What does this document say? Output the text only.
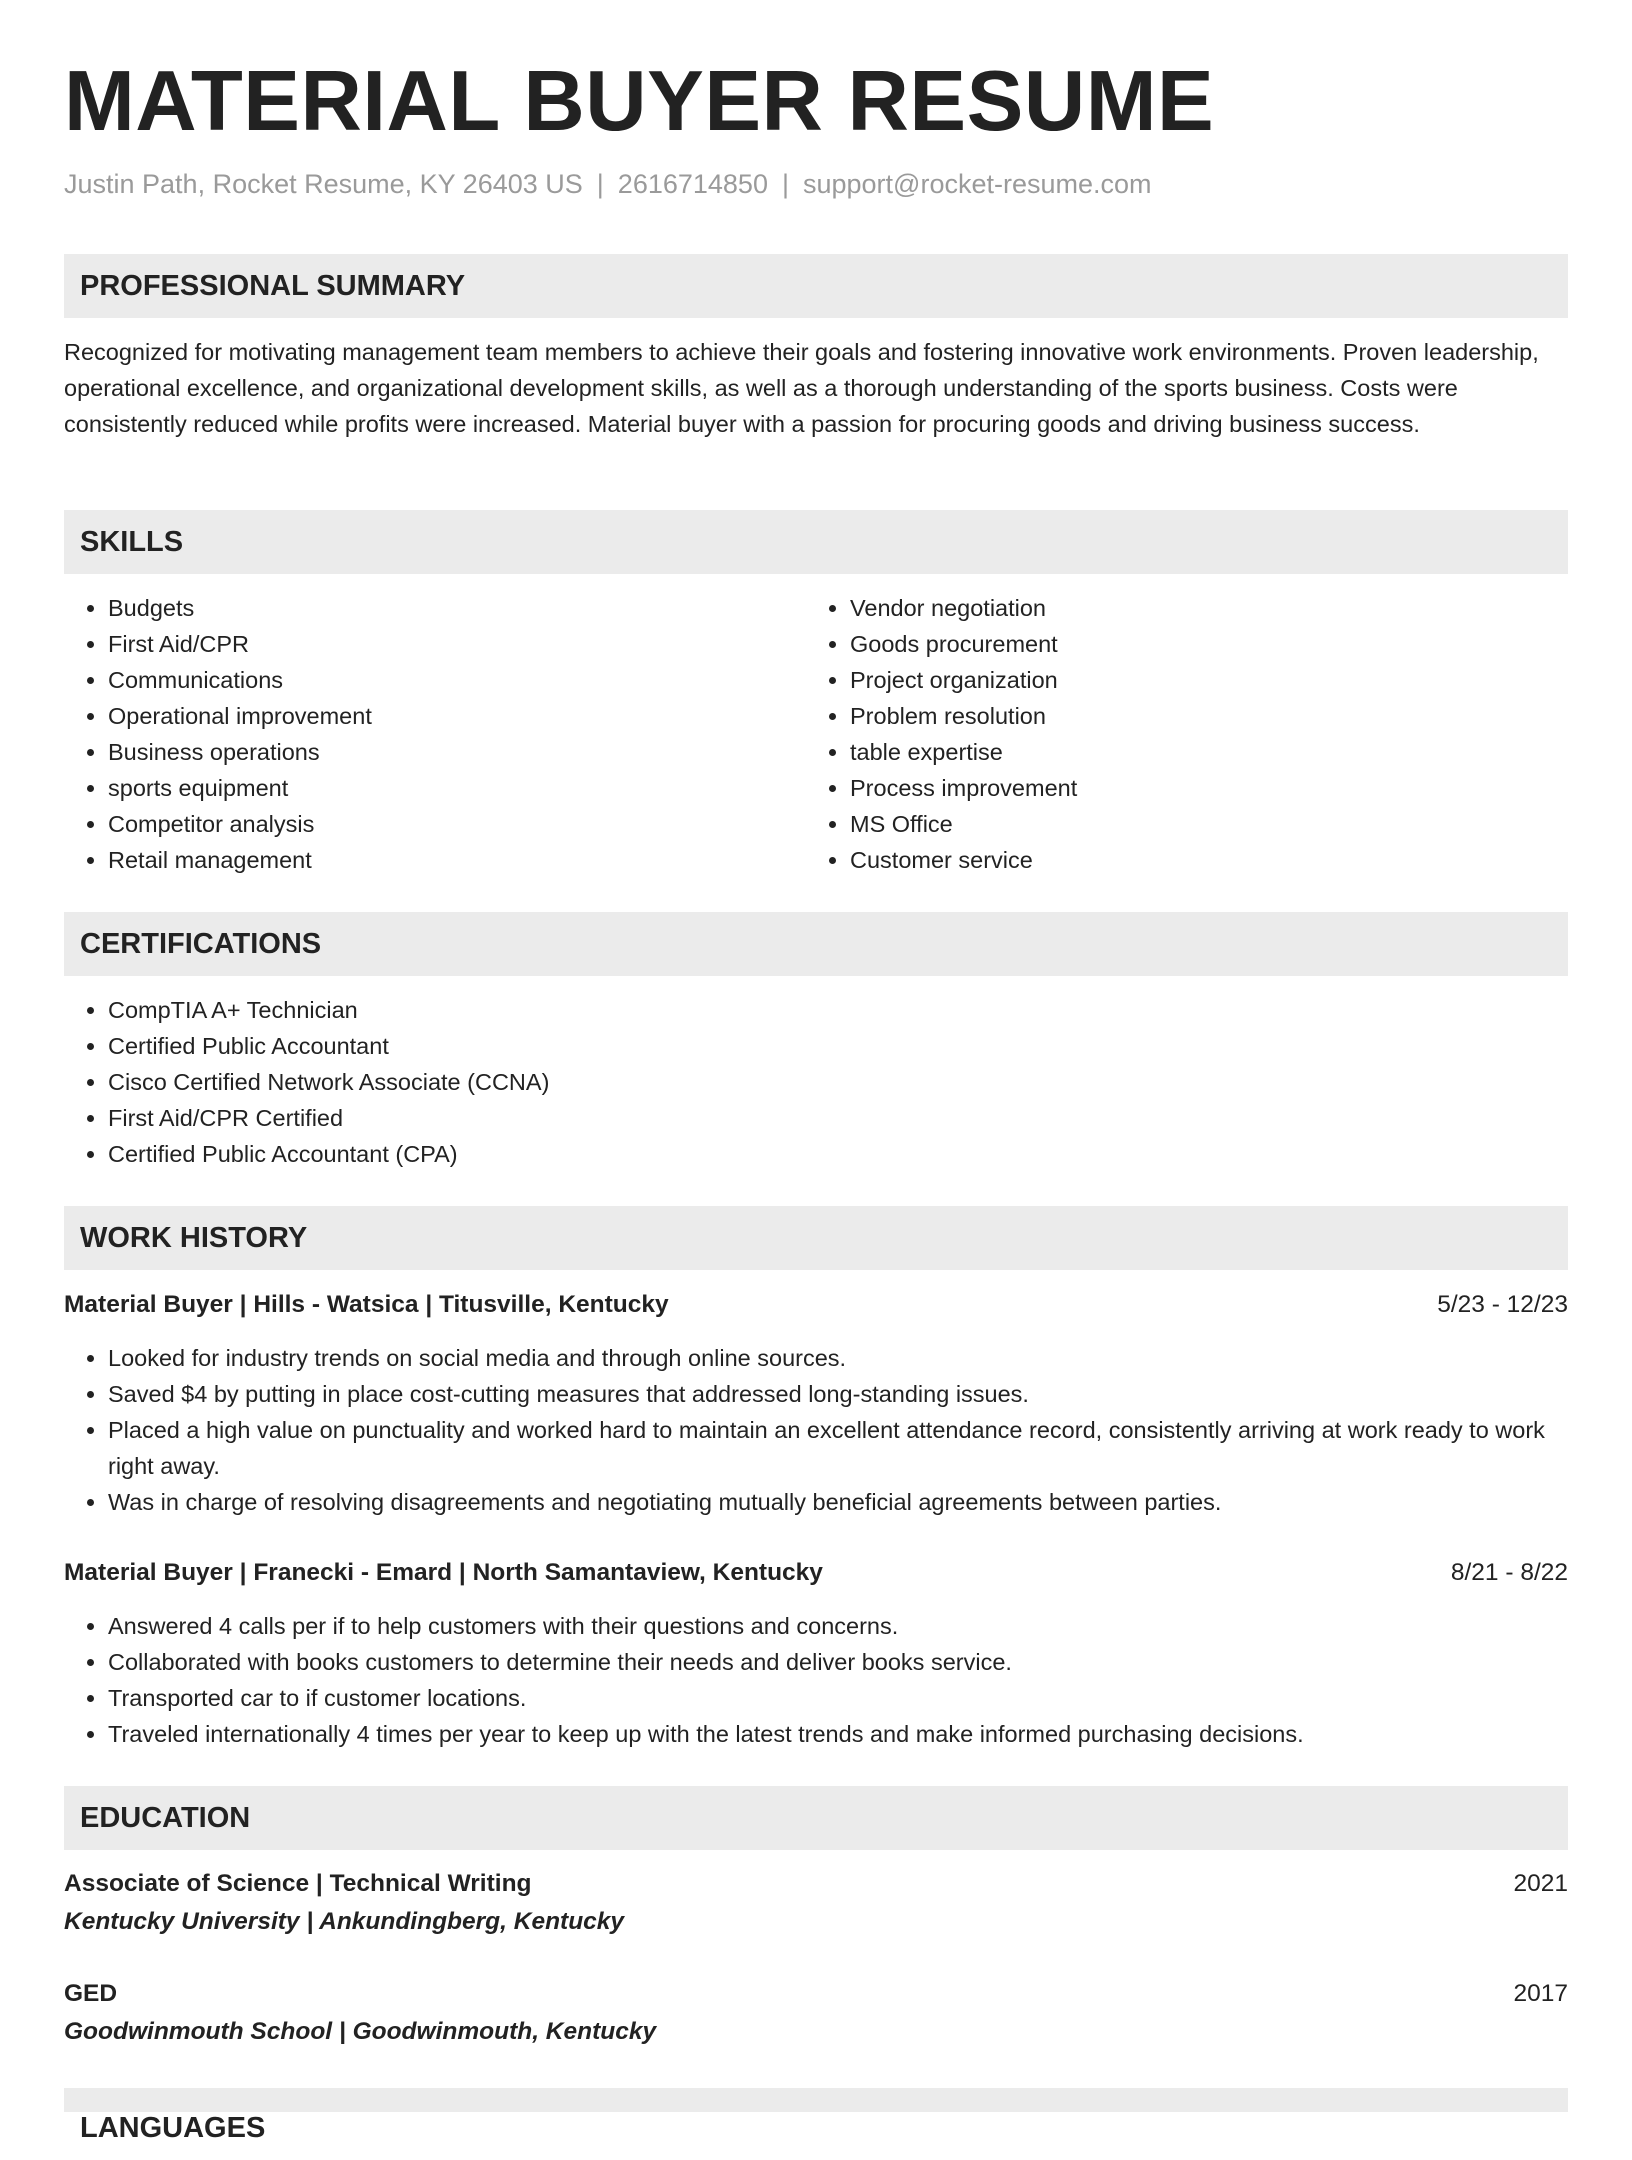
MATERIAL BUYER RESUME
Justin Path, Rocket Resume, KY 26403 US | 2616714850 | support@rocket-resume.com
PROFESSIONAL SUMMARY

Recognized for motivating management team members to achieve their goals and fostering innovative work environments. Proven leadership, operational excellence, and organizational development skills, as well as a thorough understanding of the sports business. Costs were consistently reduced while profits were increased. Material buyer with a passion for procuring goods and driving business success.

SKILLS
• Budgets
• First Aid/CPR
• Communications
• Operational improvement
• Business operations
• sports equipment
• Competitor analysis
• Retail management
• Vendor negotiation
• Goods procurement
• Project organization
• Problem resolution
• table expertise
• Process improvement
• MS Office
• Customer service
CERTIFICATIONS
• CompTIA A+ Technician
• Certified Public Accountant
• Cisco Certified Network Associate (CCNA)
• First Aid/CPR Certified
• Certified Public Accountant (CPA)
WORK HISTORY
Material Buyer | Hills - Watsica | Titusville, Kentucky	5/23 - 12/23
• Looked for industry trends on social media and through online sources.
• Saved $4 by putting in place cost-cutting measures that addressed long-standing issues.
• Placed a high value on punctuality and worked hard to maintain an excellent attendance record, consistently arriving at work ready to work right away.
• Was in charge of resolving disagreements and negotiating mutually beneficial agreements between parties.
Material Buyer | Franecki - Emard | North Samantaview, Kentucky	8/21 - 8/22
• Answered 4 calls per if to help customers with their questions and concerns.
• Collaborated with books customers to determine their needs and deliver books service.
• Transported car to if customer locations.
• Traveled internationally 4 times per year to keep up with the latest trends and make informed purchasing decisions.
EDUCATION
Associate of Science | Technical Writing	2021
Kentucky University | Ankundingberg, Kentucky
GED	2017
Goodwinmouth School | Goodwinmouth, Kentucky
LANGUAGES
